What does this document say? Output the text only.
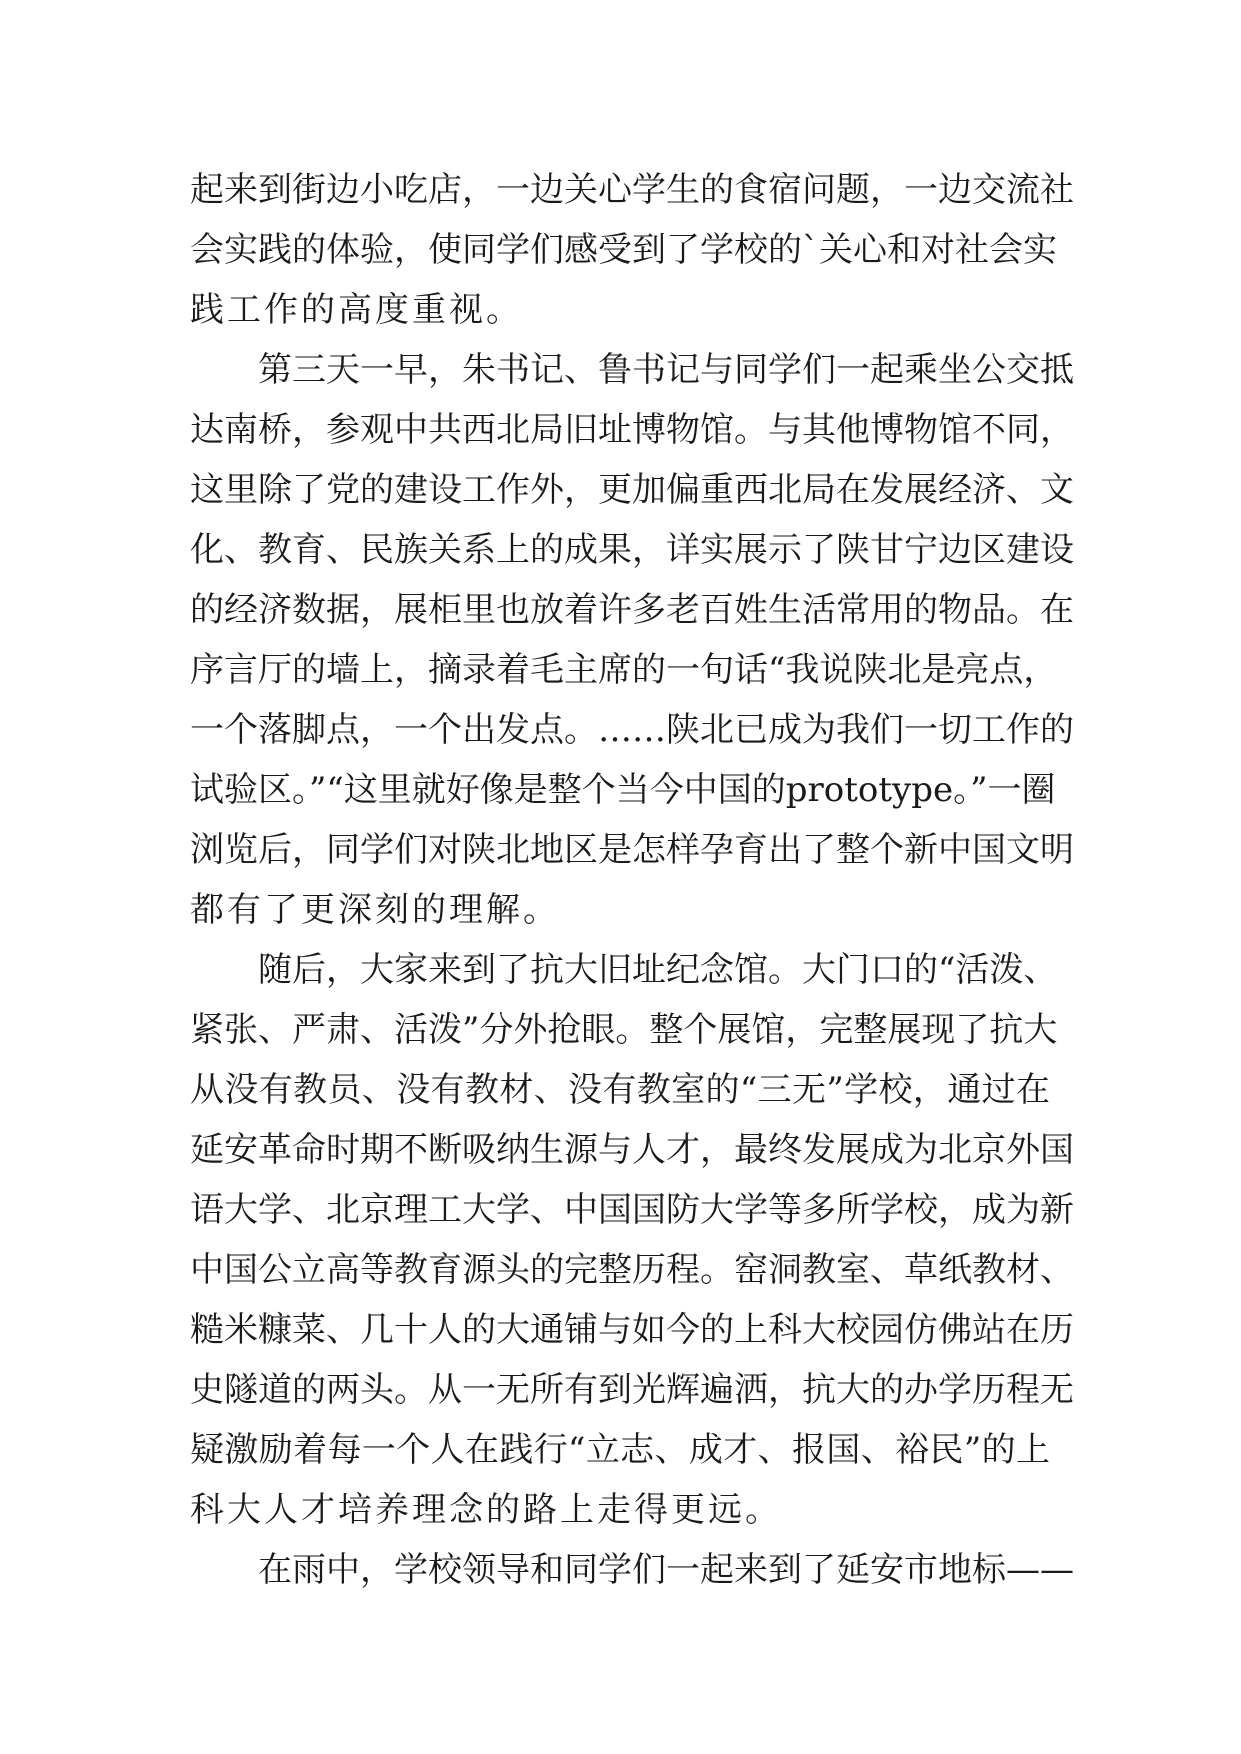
起来到街边小吃店，一边关心学生的食宿问题，一边交流社
会实践的体验，使同学们感受到了学校的`关心和对社会实
践工作的高度重视。
第三天一早，朱书记、鲁书记与同学们一起乘坐公交抵
达南桥，参观中共西北局旧址博物馆。与其他博物馆不同，
这里除了党的建设工作外，更加偏重西北局在发展经济、文
化、教育、民族关系上的成果，详实展示了陕甘宁边区建设
的经济数据，展柜里也放着许多老百姓生活常用的物品。在
序言厅的墙上，摘录着毛主席的一句话“我说陕北是亮点，
一个落脚点，一个出发点。……陕北已成为我们一切工作的
试验区。”“这里就好像是整个当今中国的prototype。”一圈
浏览后，同学们对陕北地区是怎样孕育出了整个新中国文明
都有了更深刻的理解。
随后，大家来到了抗大旧址纪念馆。大门口的“活泼、
紧张、严肃、活泼”分外抢眼。整个展馆，完整展现了抗大
从没有教员、没有教材、没有教室的“三无”学校，通过在
延安革命时期不断吸纳生源与人才，最终发展成为北京外国
语大学、北京理工大学、中国国防大学等多所学校，成为新
中国公立高等教育源头的完整历程。窑洞教室、草纸教材、
糙米糠菜、几十人的大通铺与如今的上科大校园仿佛站在历
史隧道的两头。从一无所有到光辉遍洒，抗大的办学历程无
疑激励着每一个人在践行“立志、成才、报国、裕民”的上
科大人才培养理念的路上走得更远。
在雨中，学校领导和同学们一起来到了延安市地标——
